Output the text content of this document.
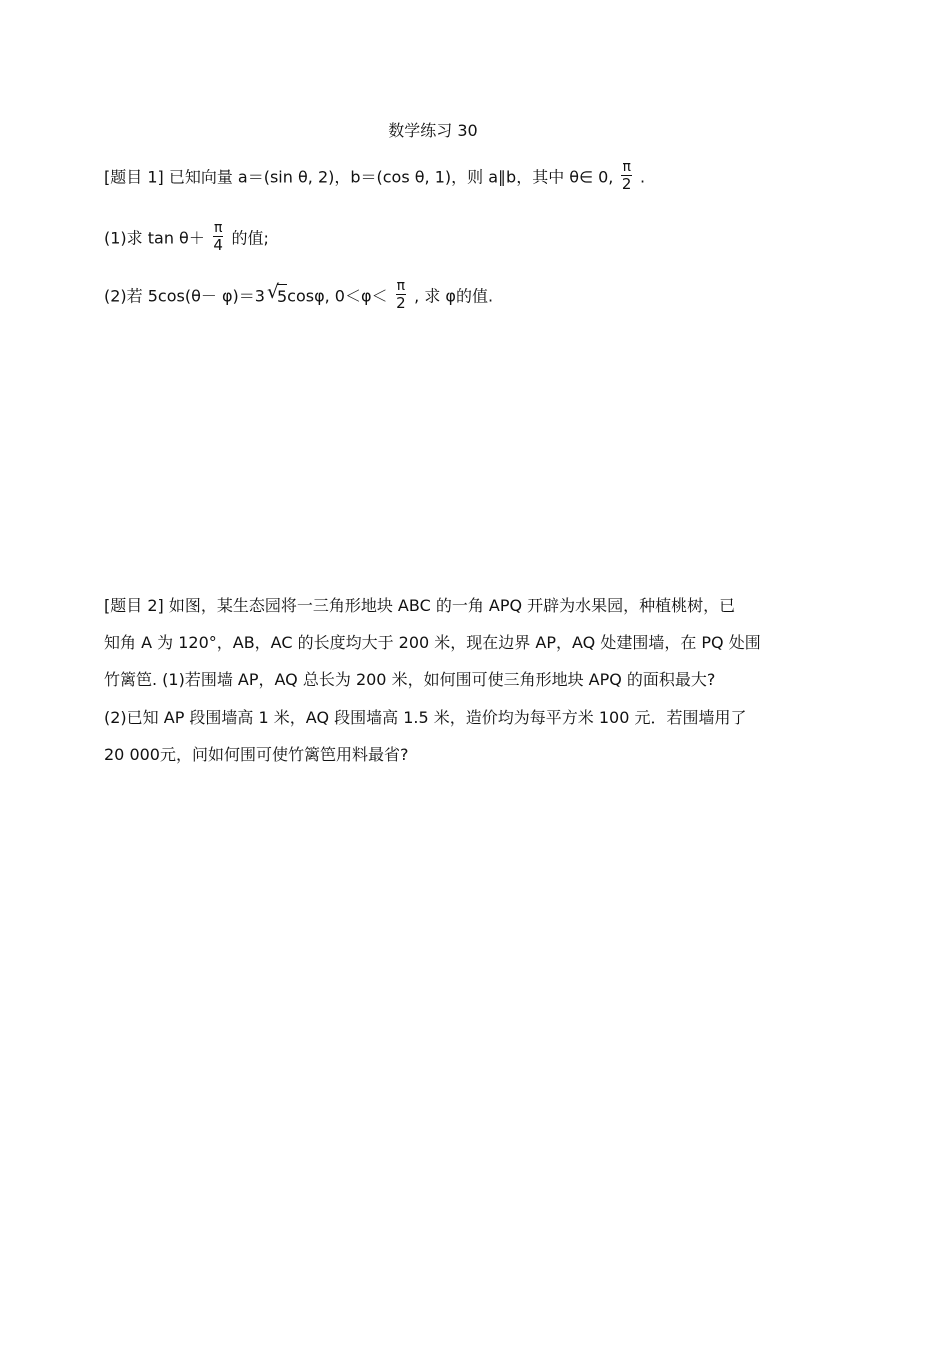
数学练习 30
[题目 1] 已知向量 a＝(sin θ, 2)，b＝(cos θ, 1)，则 a∥b，其中 θ∈ 0, $\frac{\pi}{2}$ .
(1)求 $\tan \theta+ \frac{\pi}{4}$ 的值;
(2)若 5cos(θ－ φ)＝3 √
5cosφ, $0<\varphi< \frac{\pi}{2}$ , 求 φ的值.
[题目 2] 如图，某生态园将一三角形地块 ABC 的一角 APQ 开辟为水果园，种植桃树，已
知角 A 为 120°，AB，AC 的长度均大于 200 米，现在边界 AP，AQ 处建围墙，在 PQ 处围
竹篱笆. (1)若围墙 AP，AQ 总长为 200 米，如何围可使三角形地块 APQ 的面积最大?
(2)已知 AP 段围墙高 1 米，AQ 段围墙高 1.5 米，造价均为每平方米 100 元．若围墙用了
20 000元，问如何围可使竹篱笆用料最省?
